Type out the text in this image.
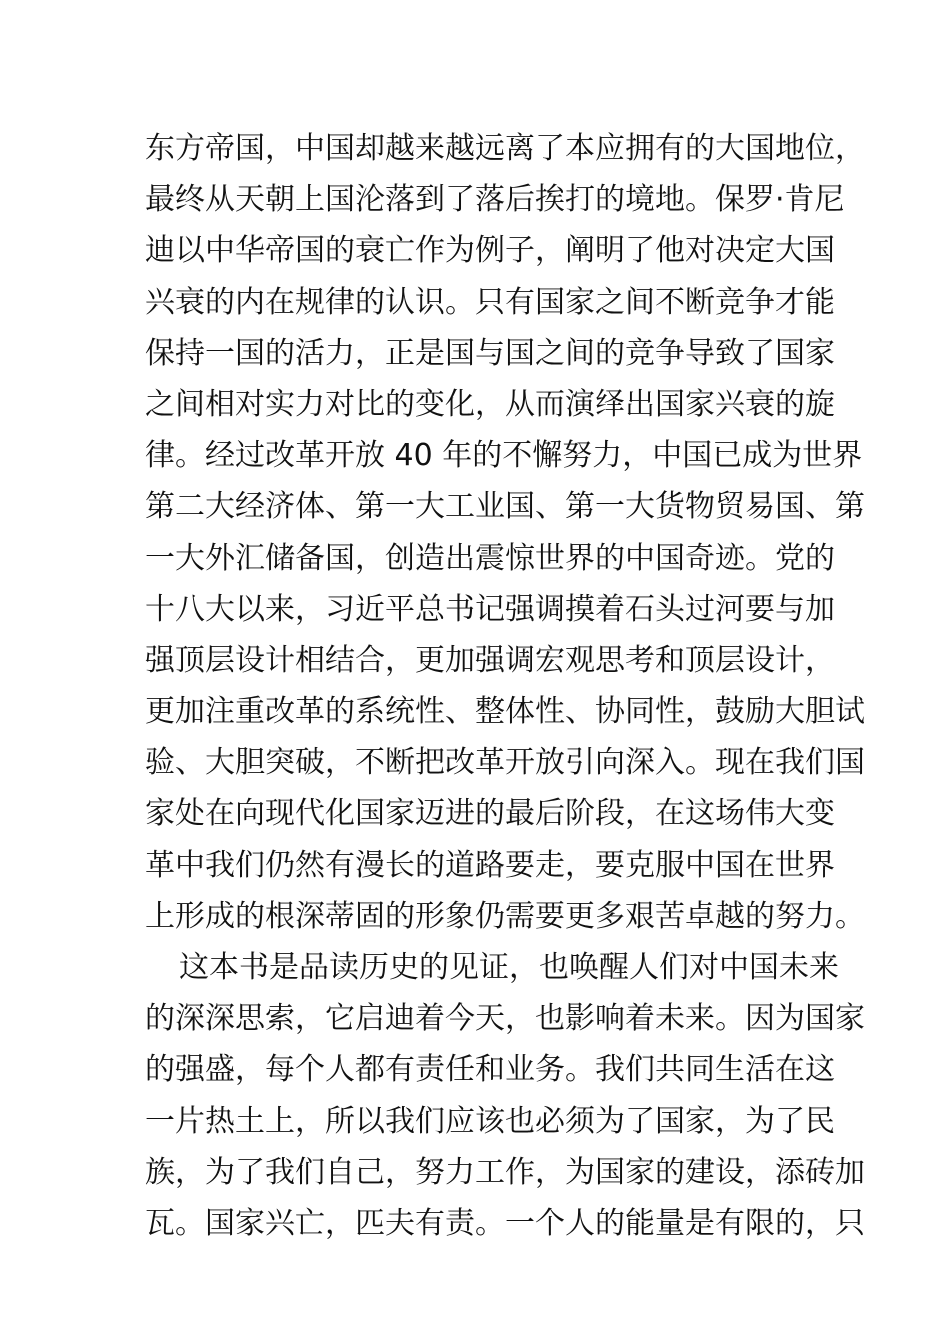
东方帝国，中国却越来越远离了本应拥有的大国地位，
最终从天朝上国沦落到了落后挨打的境地。保罗·肯尼
迪以中华帝国的衰亡作为例子，阐明了他对决定大国
兴衰的内在规律的认识。只有国家之间不断竞争才能
保持一国的活力，正是国与国之间的竞争导致了国家
之间相对实力对比的变化，从而演绎出国家兴衰的旋
律。经过改革开放 40 年的不懈努力，中国已成为世界
第二大经济体、第一大工业国、第一大货物贸易国、第
一大外汇储备国，创造出震惊世界的中国奇迹。党的
十八大以来，习近平总书记强调摸着石头过河要与加
强顶层设计相结合，更加强调宏观思考和顶层设计，
更加注重改革的系统性、整体性、协同性，鼓励大胆试
验、大胆突破，不断把改革开放引向深入。现在我们国
家处在向现代化国家迈进的最后阶段，在这场伟大变
革中我们仍然有漫长的道路要走，要克服中国在世界
上形成的根深蒂固的形象仍需要更多艰苦卓越的努力。
这本书是品读历史的见证，也唤醒人们对中国未来
的深深思索，它启迪着今天，也影响着未来。因为国家
的强盛，每个人都有责任和业务。我们共同生活在这
一片热土上，所以我们应该也必须为了国家，为了民
族，为了我们自己，努力工作，为国家的建设，添砖加
瓦。国家兴亡，匹夫有责。一个人的能量是有限的，只
